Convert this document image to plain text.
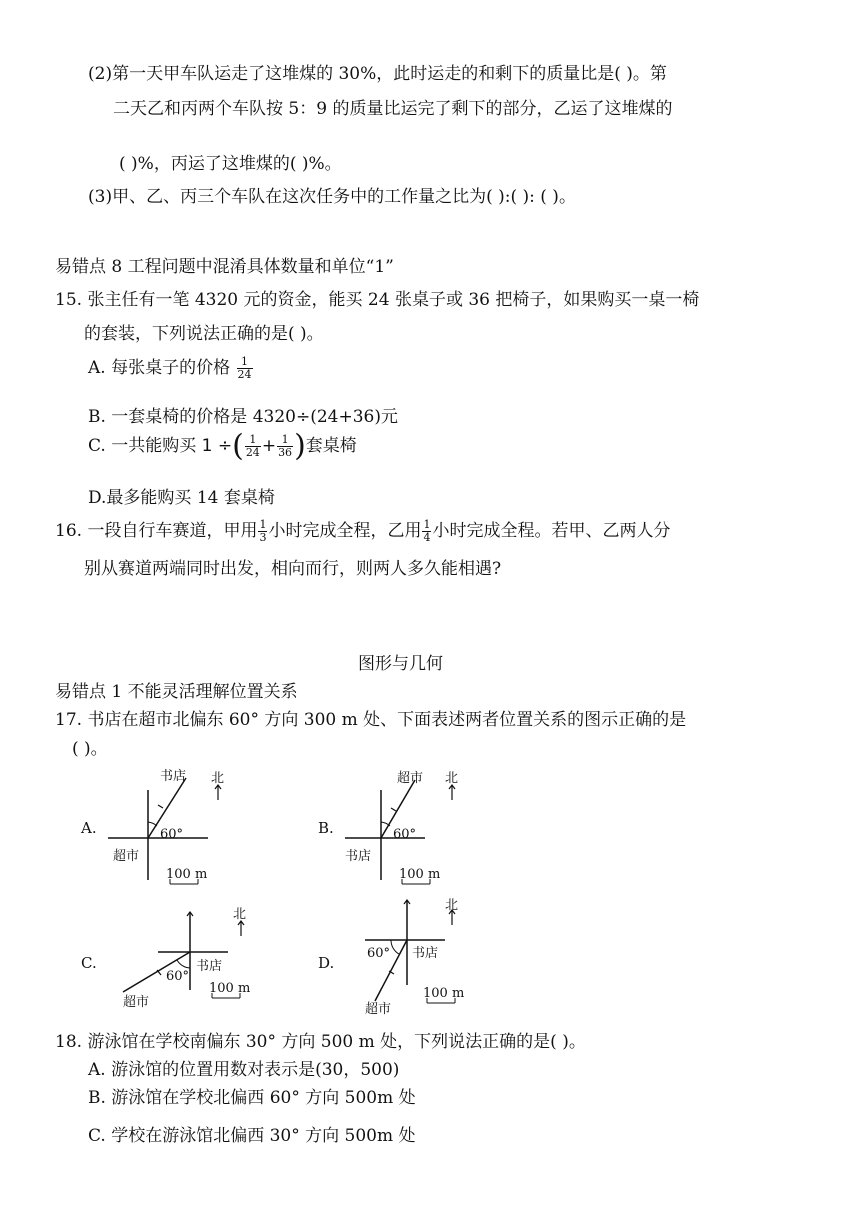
(2)第一天甲车队运走了这堆煤的 30%，此时运走的和剩下的质量比是( )。第
二天乙和丙两个车队按 5：9 的质量比运完了剩下的部分，乙运了这堆煤的
( )%，丙运了这堆煤的( )%。
(3)甲、乙、丙三个车队在这次任务中的工作量之比为( ):( ): ( )。
易错点 8 工程问题中混淆具体数量和单位“1”
15. 张主任有一笔 4320 元的资金，能买 24 张桌子或 36 把椅子，如果购买一桌一椅
的套装，下列说法正确的是( )。
A. 每张桌子的价格 $\frac{1}{24}$
B. 一套桌椅的价格是 4320÷(24+36)元
C. 一共能购买 1 ÷( $\frac{1}{24} + \frac{1}{36}$ )套桌椅
D.最多能购买 14 套桌椅
16. 一段自行车赛道，甲用 $\frac{1}{3}$ 小时完成全程，乙用 $\frac{1}{4}$ 小时完成全程。若甲、乙两人分
别从赛道两端同时出发，相向而行，则两人多久能相遇?
图形与几何
易错点 1 不能灵活理解位置关系
17. 书店在超市北偏东 60° 方向 300 m 处、下面表述两者位置关系的图示正确的是
( )。
A.
书店
超市
60°
北
100 m
B.
超市
书店
60°
北
100 m
C.
超市
书店
60°
北
100 m
D.
超市
书店
60°
北
100 m
18. 游泳馆在学校南偏东 30° 方向 500 m 处，下列说法正确的是( )。
A. 游泳馆的位置用数对表示是(30，500)
B. 游泳馆在学校北偏西 60° 方向 500m 处
C. 学校在游泳馆北偏西 30° 方向 500m 处
